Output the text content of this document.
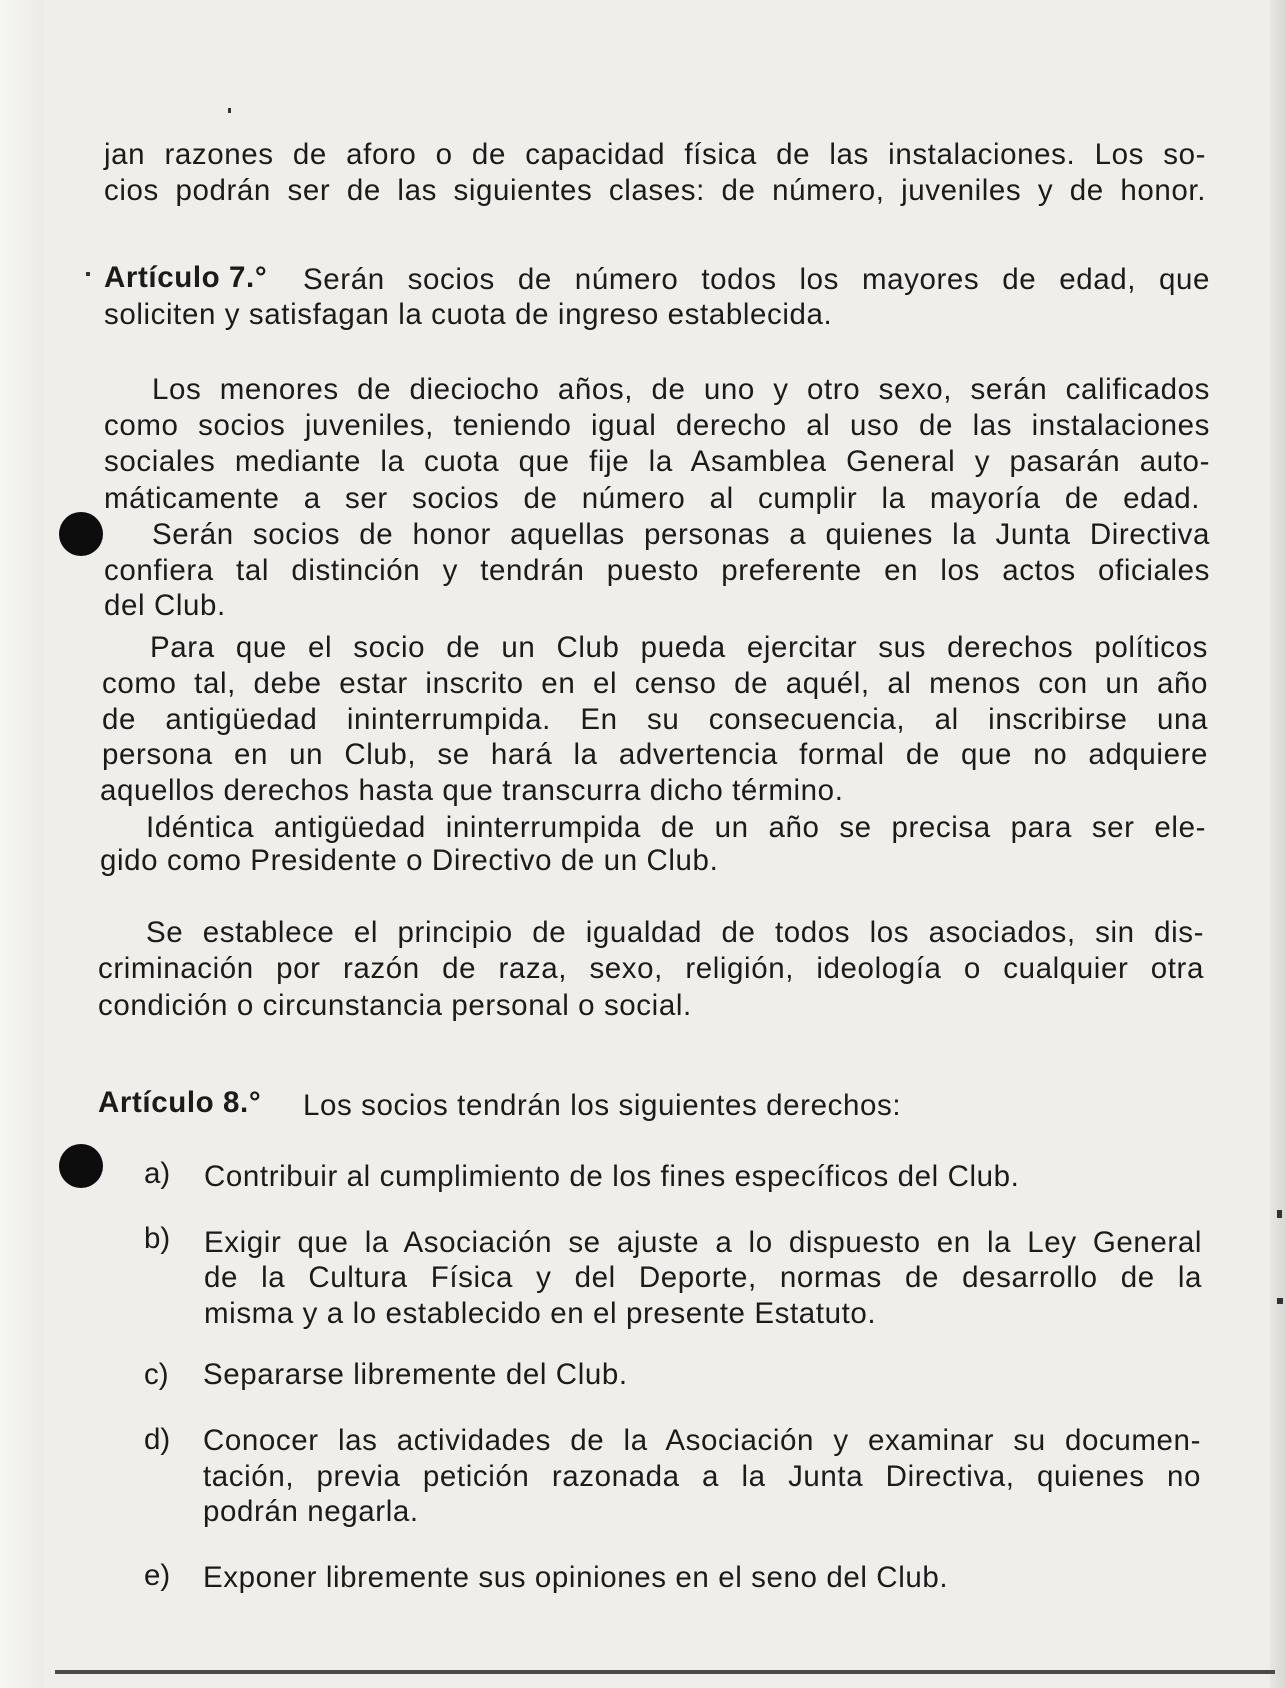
jan razones de aforo o de capacidad física de las instalaciones. Los so-
cios podrán ser de las siguientes clases: de número, juveniles y de honor.
Artículo 7.° Serán socios de número todos los mayores de edad, que
soliciten y satisfagan la cuota de ingreso establecida.
Los menores de dieciocho años, de uno y otro sexo, serán calificados
como socios juveniles, teniendo igual derecho al uso de las instalaciones
sociales mediante la cuota que fije la Asamblea General y pasarán auto-
máticamente a ser socios de número al cumplir la mayoría de edad.
Serán socios de honor aquellas personas a quienes la Junta Directiva
confiera tal distinción y tendrán puesto preferente en los actos oficiales
del Club.
Para que el socio de un Club pueda ejercitar sus derechos políticos
como tal, debe estar inscrito en el censo de aquél, al menos con un año
de antigüedad ininterrumpida. En su consecuencia, al inscribirse una
persona en un Club, se hará la advertencia formal de que no adquiere
aquellos derechos hasta que transcurra dicho término.
Idéntica antigüedad ininterrumpida de un año se precisa para ser ele-
gido como Presidente o Directivo de un Club.
Se establece el principio de igualdad de todos los asociados, sin dis-
criminación por razón de raza, sexo, religión, ideología o cualquier otra
condición o circunstancia personal o social.
Artículo 8.° Los socios tendrán los siguientes derechos:
a) Contribuir al cumplimiento de los fines específicos del Club.
b) Exigir que la Asociación se ajuste a lo dispuesto en la Ley General
de la Cultura Física y del Deporte, normas de desarrollo de la
misma y a lo establecido en el presente Estatuto.
c) Separarse libremente del Club.
d) Conocer las actividades de la Asociación y examinar su documen-
tación, previa petición razonada a la Junta Directiva, quienes no
podrán negarla.
e) Exponer libremente sus opiniones en el seno del Club.
